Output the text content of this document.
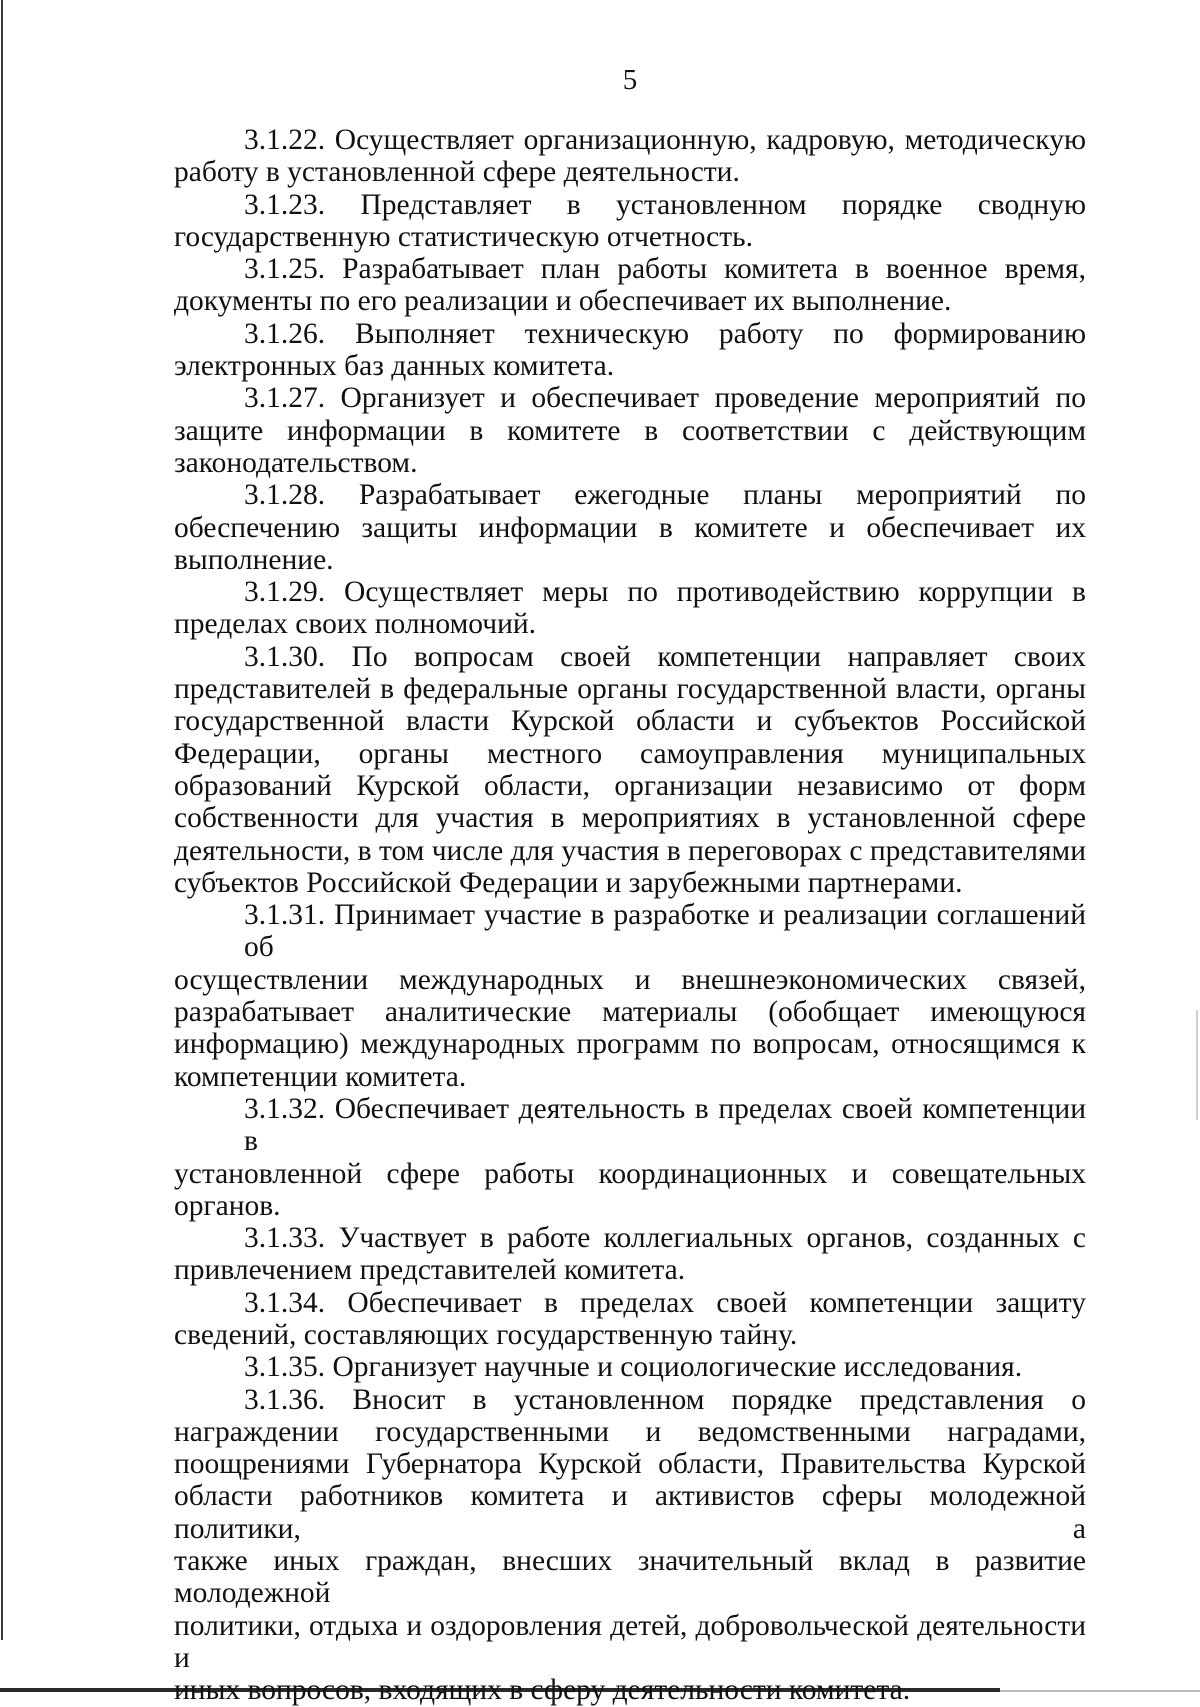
5

3.1.22. Осуществляет организационную, кадровую, методическую
работу в установленной сфере деятельности.

3.1.23. Представляет в установленном порядке сводную
государственную статистическую отчетность.

3.1.25. Разрабатывает план работы комитета в военное время,
документы по его реализации и обеспечивает их выполнение.

3.1.26. Выполняет техническую работу по формированию
электронных баз данных комитета.

3.1.27. Организует и обеспечивает проведение мероприятий по
защите информации в комитете в соответствии с действующим
законодательством.

3.1.28. Разрабатывает ежегодные планы мероприятий по
обеспечению защиты информации в комитете и обеспечивает их
выполнение.

3.1.29. Осуществляет меры по противодействию коррупции в
пределах своих полномочий.

3.1.30. По вопросам своей компетенции направляет своих
представителей в федеральные органы государственной власти, органы
государственной власти Курской области и субъектов Российской
Федерации, органы местного самоуправления муниципальных
образований Курской области, организации независимо от форм
собственности для участия в мероприятиях в установленной сфере
деятельности, в том числе для участия в переговорах с представителями
субъектов Российской Федерации и зарубежными партнерами.

3.1.31. Принимает участие в разработке и реализации соглашений об
осуществлении международных и внешнеэкономических связей,
разрабатывает аналитические материалы (обобщает имеющуюся
информацию) международных программ по вопросам, относящимся к
компетенции комитета.

3.1.32. Обеспечивает деятельность в пределах своей компетенции в
установленной сфере работы координационных и совещательных органов.

3.1.33. Участвует в работе коллегиальных органов, созданных с
привлечением представителей комитета.

3.1.34. Обеспечивает в пределах своей компетенции защиту
сведений, составляющих государственную тайну.

3.1.35. Организует научные и социологические исследования.

3.1.36. Вносит в установленном порядке представления о
награждении государственными и ведомственными наградами,
поощрениями Губернатора Курской области, Правительства Курской
области работников комитета и активистов сферы молодежной политики, а
также иных граждан, внесших значительный вклад в развитие молодежной
политики, отдыха и оздоровления детей, добровольческой деятельности и
иных вопросов, входящих в сферу деятельности комитета.
